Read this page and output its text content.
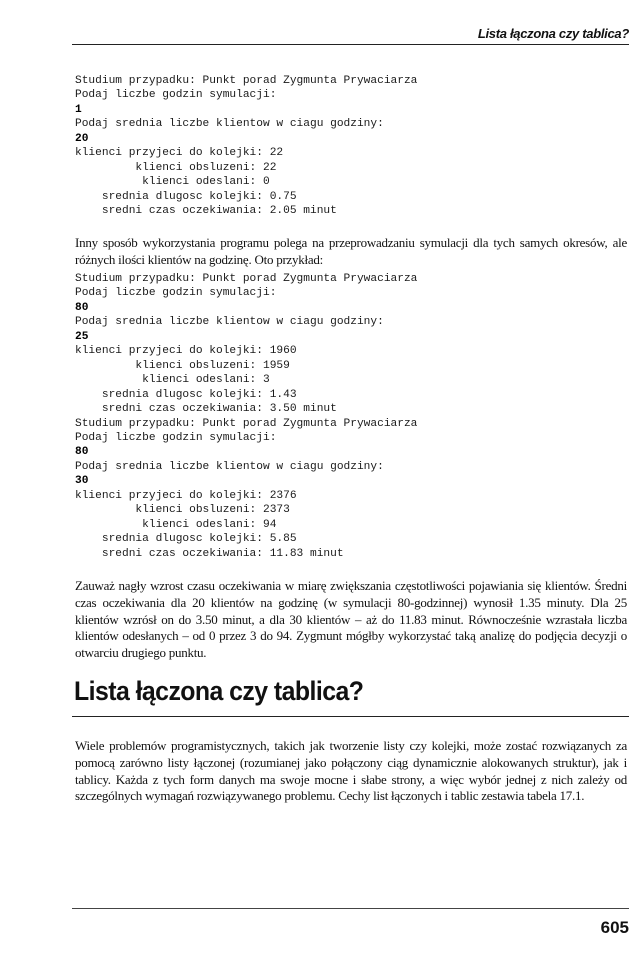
Lista łączona czy tablica?
Studium przypadku: Punkt porad Zygmunta Prywaciarza
Podaj liczbe godzin symulacji:
1
Podaj srednia liczbe klientow w ciagu godziny:
20
klienci przyjeci do kolejki: 22
klienci obsluzeni: 22
klienci odeslani: 0
srednia dlugosc kolejki: 0.75
sredni czas oczekiwania: 2.05 minut

Inny sposób wykorzystania programu polega na przeprowadzaniu symulacji dla tych samych okresów, ale różnych ilości klientów na godzinę. Oto przykład:

Studium przypadku: Punkt porad Zygmunta Prywaciarza
Podaj liczbe godzin symulacji:
80
Podaj srednia liczbe klientow w ciagu godziny:
25
klienci przyjeci do kolejki: 1960
klienci obsluzeni: 1959
klienci odeslani: 3
srednia dlugosc kolejki: 1.43
sredni czas oczekiwania: 3.50 minut
Studium przypadku: Punkt porad Zygmunta Prywaciarza
Podaj liczbe godzin symulacji:
80
Podaj srednia liczbe klientow w ciagu godziny:
30
klienci przyjeci do kolejki: 2376
klienci obsluzeni: 2373
klienci odeslani: 94
srednia dlugosc kolejki: 5.85
sredni czas oczekiwania: 11.83 minut

Zauważ nagły wzrost czasu oczekiwania w miarę zwiększania częstotliwości pojawiania się klientów. Średni czas oczekiwania dla 20 klientów na godzinę (w symulacji 80-godzinnej) wynosił 1.35 minuty. Dla 25 klientów wzrósł on do 3.50 minut, a dla 30 klientów – aż do 11.83 minut. Równocześnie wzrastała liczba klientów odesłanych – od 0 przez 3 do 94. Zygmunt mógłby wykorzystać taką analizę do podjęcia decyzji o otwarciu drugiego punktu.

Lista łączona czy tablica?

Wiele problemów programistycznych, takich jak tworzenie listy czy kolejki, może zostać rozwiązanych za pomocą zarówno listy łączonej (rozumianej jako połączony ciąg dynamicznie alokowanych struktur), jak i tablicy. Każda z tych form danych ma swoje mocne i słabe strony, a więc wybór jednej z nich zależy od szczególnych wymagań rozwiązywanego problemu. Cechy list łączonych i tablic zestawia tabela 17.1.

605
